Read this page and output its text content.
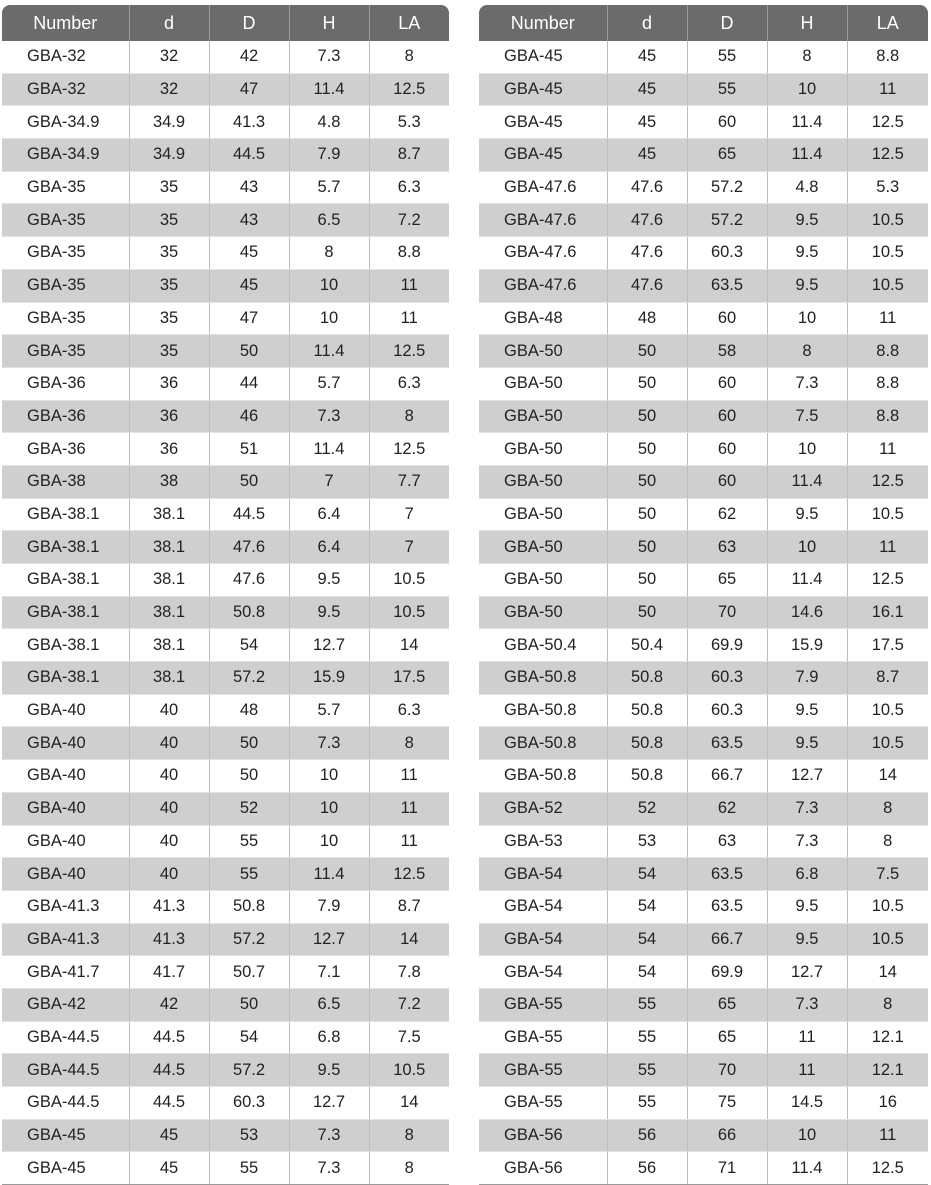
Number	d	D	H	LA
GBA-32	32	42	7.3	8
GBA-32	32	47	11.4	12.5
GBA-34.9	34.9	41.3	4.8	5.3
GBA-34.9	34.9	44.5	7.9	8.7
GBA-35	35	43	5.7	6.3
GBA-35	35	43	6.5	7.2
GBA-35	35	45	8	8.8
GBA-35	35	45	10	11
GBA-35	35	47	10	11
GBA-35	35	50	11.4	12.5
GBA-36	36	44	5.7	6.3
GBA-36	36	46	7.3	8
GBA-36	36	51	11.4	12.5
GBA-38	38	50	7	7.7
GBA-38.1	38.1	44.5	6.4	7
GBA-38.1	38.1	47.6	6.4	7
GBA-38.1	38.1	47.6	9.5	10.5
GBA-38.1	38.1	50.8	9.5	10.5
GBA-38.1	38.1	54	12.7	14
GBA-38.1	38.1	57.2	15.9	17.5
GBA-40	40	48	5.7	6.3
GBA-40	40	50	7.3	8
GBA-40	40	50	10	11
GBA-40	40	52	10	11
GBA-40	40	55	10	11
GBA-40	40	55	11.4	12.5
GBA-41.3	41.3	50.8	7.9	8.7
GBA-41.3	41.3	57.2	12.7	14
GBA-41.7	41.7	50.7	7.1	7.8
GBA-42	42	50	6.5	7.2
GBA-44.5	44.5	54	6.8	7.5
GBA-44.5	44.5	57.2	9.5	10.5
GBA-44.5	44.5	60.3	12.7	14
GBA-45	45	53	7.3	8
GBA-45	45	55	7.3	8
Number	d	D	H	LA
GBA-45	45	55	8	8.8
GBA-45	45	55	10	11
GBA-45	45	60	11.4	12.5
GBA-45	45	65	11.4	12.5
GBA-47.6	47.6	57.2	4.8	5.3
GBA-47.6	47.6	57.2	9.5	10.5
GBA-47.6	47.6	60.3	9.5	10.5
GBA-47.6	47.6	63.5	9.5	10.5
GBA-48	48	60	10	11
GBA-50	50	58	8	8.8
GBA-50	50	60	7.3	8.8
GBA-50	50	60	7.5	8.8
GBA-50	50	60	10	11
GBA-50	50	60	11.4	12.5
GBA-50	50	62	9.5	10.5
GBA-50	50	63	10	11
GBA-50	50	65	11.4	12.5
GBA-50	50	70	14.6	16.1
GBA-50.4	50.4	69.9	15.9	17.5
GBA-50.8	50.8	60.3	7.9	8.7
GBA-50.8	50.8	60.3	9.5	10.5
GBA-50.8	50.8	63.5	9.5	10.5
GBA-50.8	50.8	66.7	12.7	14
GBA-52	52	62	7.3	8
GBA-53	53	63	7.3	8
GBA-54	54	63.5	6.8	7.5
GBA-54	54	63.5	9.5	10.5
GBA-54	54	66.7	9.5	10.5
GBA-54	54	69.9	12.7	14
GBA-55	55	65	7.3	8
GBA-55	55	65	11	12.1
GBA-55	55	70	11	12.1
GBA-55	55	75	14.5	16
GBA-56	56	66	10	11
GBA-56	56	71	11.4	12.5
